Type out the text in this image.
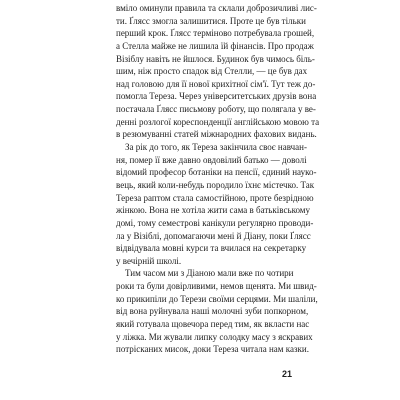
вміло оминули правила та склали доброзичливі лис-
ти. Ґлясс змогла залишитися. Проте це був тільки
перший крок. Ґлясс терміново потребувала грошей,
а Стелла майже не лишила їй фінансів. Про продаж
Візіблу навіть не йшлося. Будинок був чимось біль-
шим, ніж просто спадок від Стелли, — це був дах
над головою для її нової крихітної сім'ї. Тут теж до-
помогла Тереза. Через університетських друзів вона
постачала Ґлясс письмову роботу, що полягала у ве-
денні розлогої кореспонденції англійською мовою та
в резюмуванні статей міжнародних фахових видань.
За рік до того, як Тереза закінчила своє навчан-
ня, помер її вже давно овдовілий батько — доволі
відомий професор ботаніки на пенсії, єдиний науко-
вець, який коли-небудь породило їхнє містечко. Так
Тереза раптом стала самостійною, проте безрідною
жінкою. Вона не хотіла жити сама в батьківському
домі, тому семестрові канікули регулярно проводи-
ла у Візіблі, допомагаючи мені й Діану, поки Ґлясс
відвідувала мовні курси та вчилася на секретарку
у вечірній школі.
Тим часом ми з Діаною мали вже по чотири
роки та були довірливими, немов щенята. Ми швид-
ко прикипіли до Терези своїми серцями. Ми шаліли,
від вона руйнувала наші молочні зуби попкорном,
який готувала щовечора перед тим, як вкласти нас
у ліжка. Ми жували липку солодку масу з яскравих
потрісканих мисок, доки Тереза читала нам казки.
21
